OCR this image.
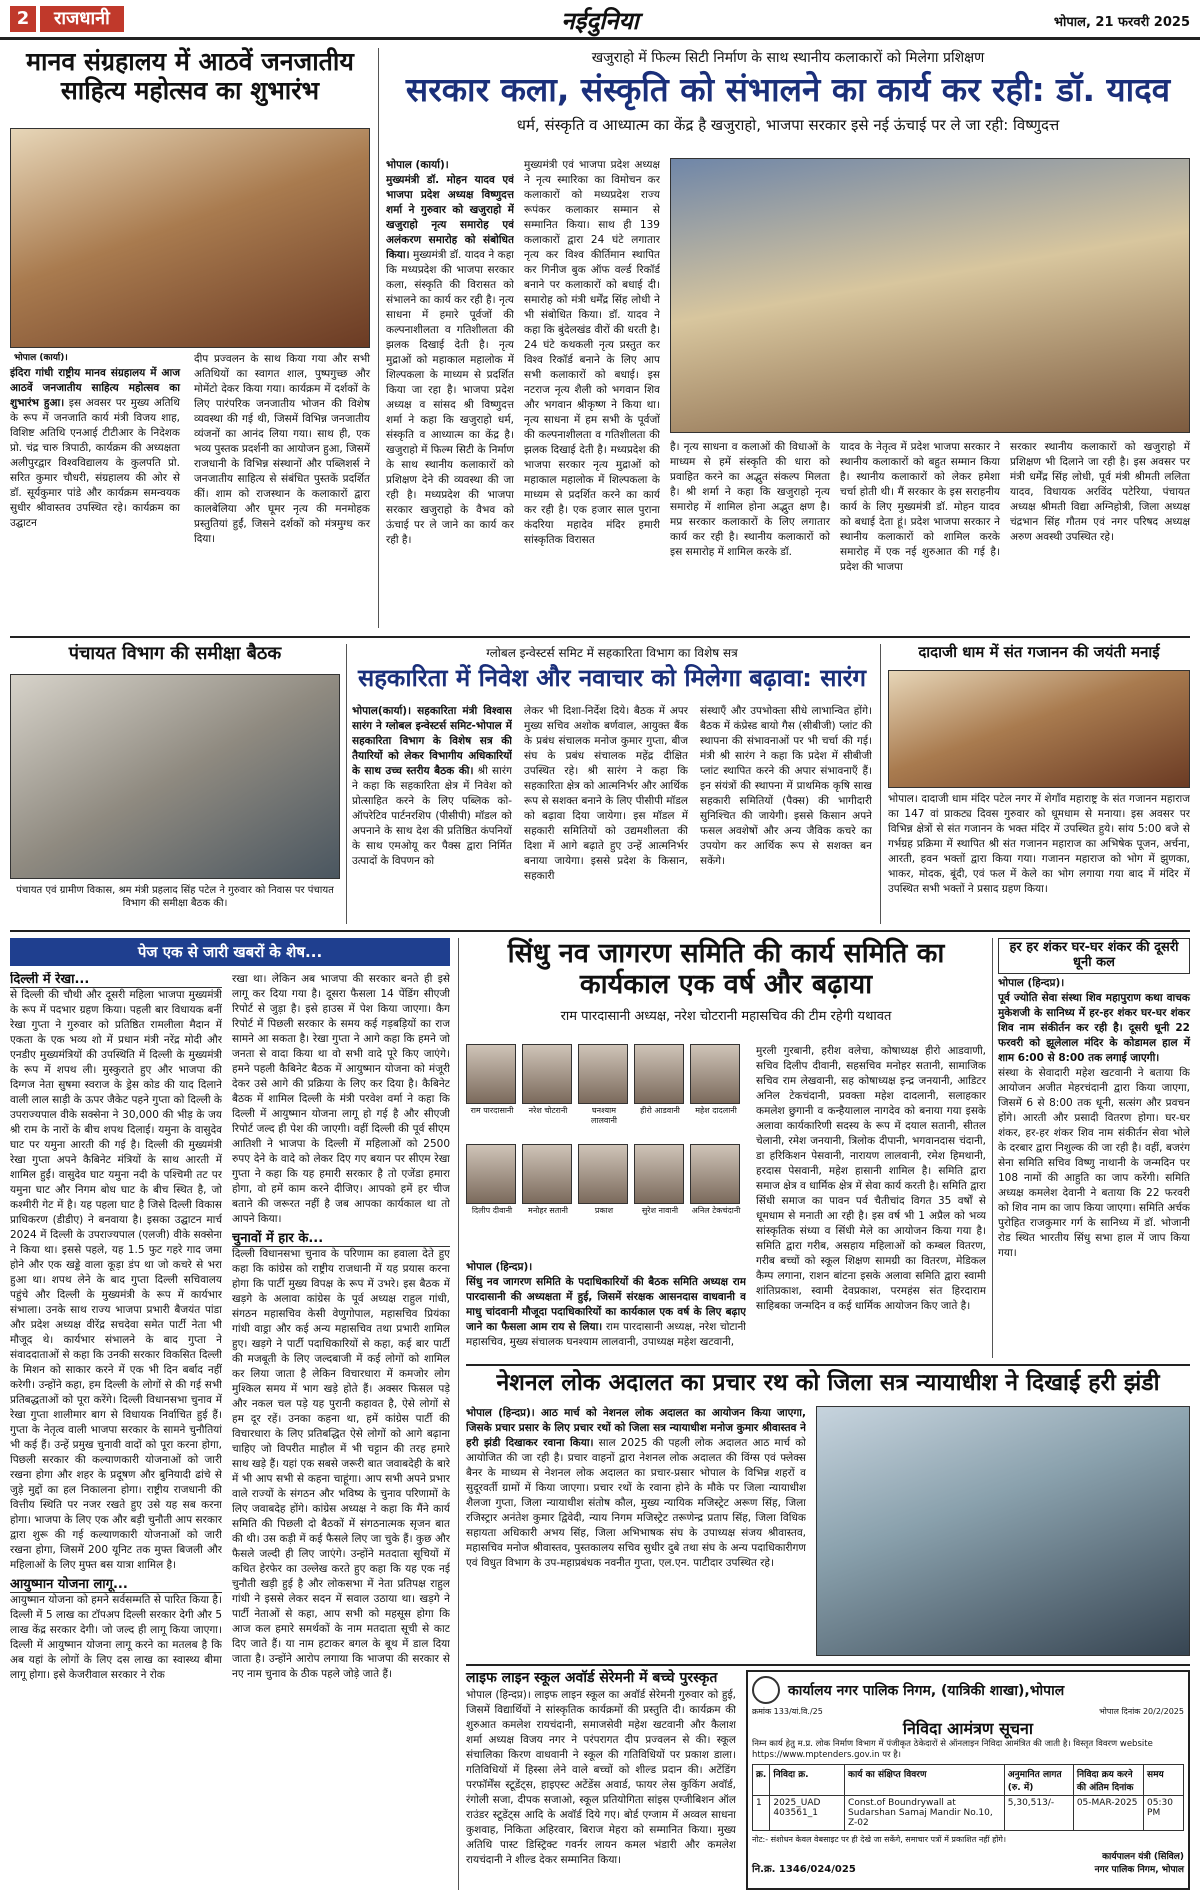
2	राजधानी	नईदुनिया	भोपाल, 21 फरवरी 2025
मानव संग्रहालय में आठवें जनजातीय साहित्य महोत्सव का शुभारंभ
भोपाल (कार्या)।
इंदिरा गांधी राष्ट्रीय मानव संग्रहालय में आज आठवें जनजातीय साहित्य महोत्सव का शुभारंभ हुआ। इस अवसर पर मुख्य अतिथि के रूप में जनजाति कार्य मंत्री विजय शाह, विशिष्ट अतिथि एनआई टीटीआर के निदेशक प्रो. चंद्र चारु त्रिपाठी, कार्यक्रम की अध्यक्षता अलीपुरद्वार विश्वविद्यालय के कुलपति प्रो. सरित कुमार चौधरी, संग्रहालय की ओर से डॉ. सूर्यकुमार पांडे और कार्यक्रम समन्वयक सुधीर श्रीवास्तव उपस्थित रहे। कार्यक्रम का उद्घाटन
दीप प्रज्वलन के साथ किया गया और सभी अतिथियों का स्वागत शाल, पुष्पगुच्छ और मोमेंटो देकर किया गया। कार्यक्रम में दर्शकों के लिए पारंपरिक जनजातीय भोजन की विशेष व्यवस्था की गई थी, जिसमें विभिन्न जनजातीय व्यंजनों का आनंद लिया गया। साथ ही, एक भव्य पुस्तक प्रदर्शनी का आयोजन हुआ, जिसमें राजधानी के विभिन्न संस्थानों और पब्लिशर्स ने जनजातीय साहित्य से संबंधित पुस्तकें प्रदर्शित कीं। शाम को राजस्थान के कलाकारों द्वारा कालबेलिया और घूमर नृत्य की मनमोहक प्रस्तुतियां हुईं, जिसने दर्शकों को मंत्रमुग्ध कर दिया।
खजुराहो में फिल्म सिटी निर्माण के साथ स्थानीय कलाकारों को मिलेगा प्रशिक्षण
सरकार कला, संस्कृति को संभालने का कार्य कर रही: डॉ. यादव
धर्म, संस्कृति व आध्यात्म का केंद्र है खजुराहो, भाजपा सरकार इसे नई ऊंचाई पर ले जा रही: विष्णुदत्त
भोपाल (कार्या)।
मुख्यमंत्री डॉ. मोहन यादव एवं भाजपा प्रदेश अध्यक्ष विष्णुदत्त शर्मा ने गुरुवार को खजुराहो में खजुराहो नृत्य समारोह एवं अलंकरण समारोह को संबोधित किया। मुख्यमंत्री डॉ. यादव ने कहा कि मध्यप्रदेश की भाजपा सरकार कला, संस्कृति की विरासत को संभालने का कार्य कर रही है। नृत्य साधना में हमारे पूर्वजों की कल्पनाशीलता व गतिशीलता की झलक दिखाई देती है। नृत्य मुद्राओं को महाकाल महालोक में शिल्पकला के माध्यम से प्रदर्शित किया जा रहा है। भाजपा प्रदेश अध्यक्ष व सांसद श्री विष्णुदत्त शर्मा ने कहा कि खजुराहो धर्म, संस्कृति व आध्यात्म का केंद्र है। खजुराहो में फिल्म सिटी के निर्माण के साथ स्थानीय कलाकारों को प्रशिक्षण देने की व्यवस्था की जा रही है। मध्यप्रदेश की भाजपा सरकार खजुराहो के वैभव को ऊंचाई पर ले जाने का कार्य कर रही है।
मुख्यमंत्री एवं भाजपा प्रदेश अध्यक्ष ने नृत्य स्मारिका का विमोचन कर कलाकारों को मध्यप्रदेश राज्य रूपंकर कलाकार सम्मान से सम्मानित किया। साथ ही 139 कलाकारों द्वारा 24 घंटे लगातार नृत्य कर विश्व कीर्तिमान स्थापित कर गिनीज बुक ऑफ वर्ल्ड रिकॉर्ड बनाने पर कलाकारों को बधाई दी। समारोह को मंत्री धर्मेंद्र सिंह लोधी ने भी संबोधित किया। डॉ. यादव ने कहा कि बुंदेलखंड वीरों की धरती है। 24 घंटे कथकली नृत्य प्रस्तुत कर विश्व रिकॉर्ड बनाने के लिए आप सभी कलाकारों को बधाई। इस नटराज नृत्य शैली को भगवान शिव और भगवान श्रीकृष्ण ने किया था। नृत्य साधना में हम सभी के पूर्वजों की कल्पनाशीलता व गतिशीलता की झलक दिखाई देती है। मध्यप्रदेश की भाजपा सरकार नृत्य मुद्राओं को महाकाल महालोक में शिल्पकला के माध्यम से प्रदर्शित करने का कार्य कर रही है। एक हजार साल पुराना कंदरिया महादेव मंदिर हमारी सांस्कृतिक विरासत
है। नृत्य साधना व कलाओं की विधाओं के माध्यम से हमें संस्कृति की धारा को प्रवाहित करने का अद्भुत संकल्प मिलता है। श्री शर्मा ने कहा कि खजुराहो नृत्य समारोह में शामिल होना अद्भुत क्षण है। मप्र सरकार कलाकारों के लिए लगातार कार्य कर रही है। स्थानीय कलाकारों को इस समारोह में शामिल करके डॉ.
यादव के नेतृत्व में प्रदेश भाजपा सरकार ने स्थानीय कलाकारों को बहुत सम्मान किया है। स्थानीय कलाकारों को लेकर हमेशा चर्चा होती थी। मैं सरकार के इस सराहनीय कार्य के लिए मुख्यमंत्री डॉ. मोहन यादव को बधाई देता हूं। प्रदेश भाजपा सरकार ने स्थानीय कलाकारों को शामिल करके समारोह में एक नई शुरुआत की गई है। प्रदेश की भाजपा
सरकार स्थानीय कलाकारों को खजुराहो में प्रशिक्षण भी दिलाने जा रही है। इस अवसर पर मंत्री धर्मेंद्र सिंह लोधी, पूर्व मंत्री श्रीमती ललिता यादव, विधायक अरविंद पटेरिया, पंचायत अध्यक्ष श्रीमती विद्या अग्निहोत्री, जिला अध्यक्ष चंद्रभान सिंह गौतम एवं नगर परिषद अध्यक्ष अरुण अवस्थी उपस्थित रहे।
पंचायत विभाग की समीक्षा बैठक
पंचायत एवं ग्रामीण विकास, श्रम मंत्री प्रहलाद सिंह पटेल ने गुरुवार को निवास पर पंचायत विभाग की समीक्षा बैठक की।
ग्लोबल इन्वेस्टर्स समिट में सहकारिता विभाग का विशेष सत्र
सहकारिता में निवेश और नवाचार को मिलेगा बढ़ावा: सारंग
भोपाल(कार्या)। सहकारिता मंत्री विश्वास सारंग ने ग्लोबल इन्वेस्टर्स समिट-भोपाल में सहकारिता विभाग के विशेष सत्र की तैयारियों को लेकर विभागीय अधिकारियों के साथ उच्च स्तरीय बैठक की। श्री सारंग ने कहा कि सहकारिता क्षेत्र में निवेश को प्रोत्साहित करने के लिए पब्लिक को-ऑपरेटिव पार्टनरशिप (पीसीपी) मॉडल को अपनाने के साथ देश की प्रतिष्ठित कंपनियों के साथ एमओयू कर पैक्स द्वारा निर्मित उत्पादों के विपणन को
लेकर भी दिशा-निर्देश दिये। बैठक में अपर मुख्य सचिव अशोक बर्णवाल, आयुक्त बैंक के प्रबंध संचालक मनोज कुमार गुप्ता, बीज संघ के प्रबंध संचालक महेंद्र दीक्षित उपस्थित रहे। श्री सारंग ने कहा कि सहकारिता क्षेत्र को आत्मनिर्भर और आर्थिक रूप से सशक्त बनाने के लिए पीसीपी मॉडल को बढ़ावा दिया जायेगा। इस मॉडल में सहकारी समितियों को उद्यमशीलता की दिशा में आगे बढ़ाते हुए उन्हें आत्मनिर्भर बनाया जायेगा। इससे प्रदेश के किसान, सहकारी
संस्थाएँ और उपभोक्ता सीधे लाभान्वित होंगे। बैठक में कंप्रेस्ड बायो गैस (सीबीजी) प्लांट की स्थापना की संभावनाओं पर भी चर्चा की गई। मंत्री श्री सारंग ने कहा कि प्रदेश में सीबीजी प्लांट स्थापित करने की अपार संभावनाएँ हैं। इन संयंत्रों की स्थापना में प्राथमिक कृषि साख सहकारी समितियों (पैक्स) की भागीदारी सुनिश्चित की जायेगी। इससे किसान अपने फसल अवशेषों और अन्य जैविक कचरे का उपयोग कर आर्थिक रूप से सशक्त बन सकेंगे।
दादाजी धाम में संत गजानन की जयंती मनाई
भोपाल। दादाजी धाम मंदिर पटेल नगर में शेगाँव महाराष्ट्र के संत गजानन महाराज का 147 वां प्राकट्य दिवस गुरुवार को धूमधाम से मनाया। इस अवसर पर विभिन्न क्षेत्रों से संत गजानन के भक्त मंदिर में उपस्थित हुये। सांय 5:00 बजे से गर्भग्रह प्रक्रिमा में स्थापित श्री संत गजानन महाराज का अभिषेक पूजन, अर्चना, आरती, हवन भक्तों द्वारा किया गया। गजानन महाराज को भोग में झुणका, भाकर, मोदक, बूंदी, एवं फल में केले का भोग लगाया गया बाद में मंदिर में उपस्थित सभी भक्तों ने प्रसाद ग्रहण किया।
पेज एक से जारी खबरों के शेष...
दिल्ली में रेखा...
से दिल्ली की चौथी और दूसरी महिला भाजपा मुख्यमंत्री के रूप में पदभार ग्रहण किया। पहली बार विधायक बनीं रेखा गुप्ता ने गुरुवार को प्रतिष्ठित रामलीला मैदान में एकता के एक भव्य शो में प्रधान मंत्री नरेंद्र मोदी और एनडीए मुख्यमंत्रियों की उपस्थिति में दिल्ली के मुख्यमंत्री के रूप में शपथ ली। मुस्कुराते हुए और भाजपा की दिग्गज नेता सुषमा स्वराज के ड्रेस कोड की याद दिलाने वाली लाल साड़ी के ऊपर जैकेट पहने गुप्ता को दिल्ली के उपराज्यपाल वीके सक्सेना ने 30,000 की भीड़ के जय श्री राम के नारों के बीच शपथ दिलाई। यमुना के वासुदेव घाट पर यमुना आरती की गई है। दिल्ली की मुख्यमंत्री रेखा गुप्ता अपने कैबिनेट मंत्रियों के साथ आरती में शामिल हुईं। वासुदेव घाट यमुना नदी के पश्चिमी तट पर यमुना घाट और निगम बोध घाट के बीच स्थित है, जो कश्मीरी गेट में है। यह पहला घाट है जिसे दिल्ली विकास प्राधिकरण (डीडीए) ने बनवाया है। इसका उद्घाटन मार्च 2024 में दिल्ली के उपराज्यपाल (एलजी) वीके सक्सेना ने किया था। इससे पहले, यह 1.5 फुट गहरे गाद जमा होने और एक खड्डे वाला कूड़ा डंप था जो कचरे से भरा हुआ था। शपथ लेने के बाद गुप्ता दिल्ली सचिवालय पहुंचे और दिल्ली के मुख्यमंत्री के रूप में कार्यभार संभाला। उनके साथ राज्य भाजपा प्रभारी बैजयंत पांडा और प्रदेश अध्यक्ष वीरेंद्र सचदेवा समेत पार्टी नेता भी मौजूद थे। कार्यभार संभालने के बाद गुप्ता ने संवाददाताओं से कहा कि उनकी सरकार विकसित दिल्ली के मिशन को साकार करने में एक भी दिन बर्बाद नहीं करेगी। उन्होंने कहा, हम दिल्ली के लोगों से की गई सभी प्रतिबद्धताओं को पूरा करेंगे। दिल्ली विधानसभा चुनाव में रेखा गुप्ता शालीमार बाग से विधायक निर्वाचित हुई हैं। गुप्ता के नेतृत्व वाली भाजपा सरकार के सामने चुनौतियां भी कई हैं। उन्हें प्रमुख चुनावी वादों को पूरा करना होगा, पिछली सरकार की कल्याणकारी योजनाओं को जारी रखना होगा और शहर के प्रदूषण और बुनियादी ढांचे से जुड़े मुद्दों का हल निकालना होगा। राष्ट्रीय राजधानी की वित्तीय स्थिति पर नजर रखते हुए उसे यह सब करना होगा। भाजपा के लिए एक और बड़ी चुनौती आप सरकार द्वारा शुरू की गई कल्याणकारी योजनाओं को जारी रखना होगा, जिसमें 200 यूनिट तक मुफ्त बिजली और महिलाओं के लिए मुफ्त बस यात्रा शामिल है।
आयुष्मान योजना लागू...
आयुष्मान योजना को हमने सर्वसम्मति से पारित किया है। दिल्ली में 5 लाख का टॉपअप दिल्ली सरकार देगी और 5 लाख केंद्र सरकार देगी। जो जल्द ही लागू किया जाएगा। दिल्ली में आयुष्मान योजना लागू करने का मतलब है कि अब यहां के लोगों के लिए दस लाख का स्वास्थ्य बीमा लागू होगा। इसे केजरीवाल सरकार ने रोक
रखा था। लेकिन अब भाजपा की सरकार बनते ही इसे लागू कर दिया गया है। दूसरा फैसला 14 पेंडिंग सीएजी रिपोर्ट से जुड़ा है। इसे हाउस में पेश किया जाएगा। कैग रिपोर्ट में पिछली सरकार के समय कई गड़बड़ियों का राज सामने आ सकता है। रेखा गुप्ता ने आगे कहा कि हमने जो जनता से वादा किया था वो सभी वादे पूरे किए जाएंगे। हमने पहली कैबिनेट बैठक में आयुष्मान योजना को मंजूरी देकर उसे आगे की प्रक्रिया के लिए कर दिया है। कैबिनेट बैठक में शामिल दिल्ली के मंत्री परवेश वर्मा ने कहा कि दिल्ली में आयुष्मान योजना लागू हो गई है और सीएजी रिपोर्ट जल्द ही पेश की जाएगी। वहीं दिल्ली की पूर्व सीएम आतिशी ने भाजपा के दिल्ली में महिलाओं को 2500 रुपए देने के वादे को लेकर दिए गए बयान पर सीएम रेखा गुप्ता ने कहा कि यह हमारी सरकार है तो एजेंडा हमारा होगा, वो हमें काम करने दीजिए। आपको हमें हर चीज बताने की जरूरत नहीं है जब आपका कार्यकाल था तो आपने किया।
चुनावों में हार के...
दिल्ली विधानसभा चुनाव के परिणाम का हवाला देते हुए कहा कि कांग्रेस को राष्ट्रीय राजधानी में यह प्रयास करना होगा कि पार्टी मुख्य विपक्ष के रूप में उभरे। इस बैठक में खड़गे के अलावा कांग्रेस के पूर्व अध्यक्ष राहुल गांधी, संगठन महासचिव केसी वेणुगोपाल, महासचिव प्रियंका गांधी वाड्रा और कई अन्य महासचिव तथा प्रभारी शामिल हुए। खड़गे ने पार्टी पदाधिकारियों से कहा, कई बार पार्टी की मजबूती के लिए जल्दबाजी में कई लोगों को शामिल कर लिया जाता है लेकिन विचारधारा में कमजोर लोग मुश्किल समय में भाग खड़े होते हैं। अक्सर फिसल पड़े और नकल चल पड़े यह पुरानी कहावत है, ऐसे लोगों से हम दूर रहें। उनका कहना था, हमें कांग्रेस पार्टी की विचारधारा के लिए प्रतिबद्धित ऐसे लोगों को आगे बढ़ाना चाहिए जो विपरीत माहौल में भी चट्टान की तरह हमारे साथ खड़े हैं। यहां एक सबसे जरूरी बात जवाबदेही के बारे में भी आप सभी से कहना चाहूंगा। आप सभी अपने प्रभार वाले राज्यों के संगठन और भविष्य के चुनाव परिणामों के लिए जवाबदेह होंगे। कांग्रेस अध्यक्ष ने कहा कि मैंने कार्य समिति की पिछली दो बैठकों में संगठनात्मक सृजन बात की थी। उस कड़ी में कई फैसले लिए जा चुके हैं। कुछ और फैसले जल्दी ही लिए जाएंगे। उन्होंने मतदाता सूचियों में कथित हेरफेर का उल्लेख करते हुए कहा कि यह एक नई चुनौती खड़ी हुई है और लोकसभा में नेता प्रतिपक्ष राहुल गांधी ने इससे लेकर सदन में सवाल उठाया था। खड़गे ने पार्टी नेताओं से कहा, आप सभी को महसूस होगा कि आज कल हमारे समर्थकों के नाम मतदाता सूची से काट दिए जाते हैं। या नाम हटाकर बगल के बूथ में डाल दिया जाता है। उन्होंने आरोप लगाया कि भाजपा की सरकार से नए नाम चुनाव के ठीक पहले जोड़े जाते हैं।
सिंधु नव जागरण समिति की कार्य समिति का कार्यकाल एक वर्ष और बढ़ाया
राम पारदासानी अध्यक्ष, नरेश चोटरानी महासचिव की टीम रहेगी यथावत
राम पारदासानी	नरेश चोटरानी	घनश्याम लालवानी
हीरो आडवानी	महेश दादलानी
दिलीप दीवानी	मनोहर सतानी	प्रकाश	सुरेश नावानी	अनिल टेकचंदानी
भोपाल (हिन्दप्र)।
सिंधु नव जागरण समिति के पदाधिकारियों की बैठक समिति अध्यक्ष राम पारदासानी की अध्यक्षता में हुई, जिसमें संरक्षक आसनदास वाधवानी व माधु चांदवानी मौजूदा पदाधिकारियों का कार्यकाल एक वर्ष के लिए बढ़ाए जाने का फैसला आम राय से लिया। राम पारदासानी अध्यक्ष, नरेश चोटानी महासचिव, मुख्य संचालक घनश्याम लालवानी, उपाध्यक्ष महेश खटवानी,
मुरली गुरबानी, हरीश वलेचा, कोषाध्यक्ष हीरो आडवाणी, सचिव दिलीप दीवानी, सहसचिव मनोहर सतानी, सामाजिक सचिव राम लेखवानी, सह कोषाध्यक्ष इन्द्र जनयानी, आडिटर अनिल टेकचंदानी, प्रवक्ता महेश दादलानी, सलाहकार कमलेश छुगानी व कन्हैयालाल नागदेव को बनाया गया इसके अलावा कार्यकारिणी सदस्य के रूप में दयाल सतानी, सीतल चेलानी, रमेश जनयानी, त्रिलोक दीपानी, भगवानदास चंदानी, डा हरिकिशन पेसवानी, नारायण लालवानी, रमेश हिमथानी, हरदास पेसवानी, महेश हासानी शामिल है। समिति द्वारा समाज क्षेत्र व धार्मिक क्षेत्र में सेवा कार्य करती है। समिति द्वारा सिंधी समाज का पावन पर्व चैतीचांद विगत 35 वर्षों से धूमधाम से मनाती आ रही है। इस वर्ष भी 1 अप्रैल को भव्य सांस्कृतिक संध्या व सिंधी मेले का आयोजन किया गया है। समिति द्वारा गरीब, असहाय महिलाओं को कम्बल वितरण, गरीब बच्चों को स्कूल शिक्षण सामग्री का वितरण, मेडिकल कैम्प लगाना, राशन बांटना इसके अलावा समिति द्वारा स्वामी शांतिप्रकाश, स्वामी देवप्रकाश, परमहंस संत हिरदाराम साहिबका जन्मदिन व कई धार्मिक आयोजन किए जाते है।
हर हर शंकर घर-घर शंकर की दूसरी धूनी कल
भोपाल (हिन्दप्र)।
पूर्व ज्योति सेवा संस्था शिव महापुराण कथा वाचक मुकेशजी के सानिध्य में हर-हर शंकर घर-घर शंकर शिव नाम संकीर्तन कर रही है। दूसरी धूनी 22 फरवरी को झूलेलाल मंदिर के कोडामल हाल में शाम 6:00 से 8:00 तक लगाई जाएगी।
संस्था के सेवादारी महेश खटवानी ने बताया कि आयोजन अजीत मेहरचंदानी द्वारा किया जाएगा, जिसमें 6 से 8:00 तक धूनी, सत्संग और प्रवचन होंगे। आरती और प्रसादी वितरण होगा। घर-घर शंकर, हर-हर शंकर शिव नाम संकीर्तन सेवा भोले के दरबार द्वारा निशुल्क की जा रही है। वहीं, बजरंग सेना समिति सचिव विष्णु नाथानी के जन्मदिन पर 108 नामों की आहुति का जाप करेंगी। समिति अध्यक्ष कमलेश देवानी ने बताया कि 22 फरवरी को शिव नाम का जाप किया जाएगा। समिति अर्चक पुरोहित राजकुमार गर्ग के सानिध्य में डॉ. भोजानी रोड स्थित भारतीय सिंधु सभा हाल में जाप किया गया।
नेशनल लोक अदालत का प्रचार रथ को जिला सत्र न्यायाधीश ने दिखाई हरी झंडी
भोपाल (हिन्दप्र)। आठ मार्च को नेशनल लोक अदालत का आयोजन किया जाएगा, जिसके प्रचार प्रसार के लिए प्रचार रथों को जिला सत्र न्यायाधीश मनोज कुमार श्रीवास्तव ने हरी झंडी दिखाकर रवाना किया। साल 2025 की पहली लोक अदालत आठ मार्च को आयोजित की जा रही है। प्रचार वाहनों द्वारा नेशनल लोक अदालत की विंग्स एवं फ्लेक्स बैनर के माध्यम से नेशनल लोक अदालत का प्रचार-प्रसार भोपाल के विभिन्न शहरों व सुदूरवर्ती ग्रामों में किया जाएगा। प्रचार रथों के रवाना होने के मौके पर जिला न्यायाधीश शैलजा गुप्ता, जिला न्यायाधीश संतोष कौल, मुख्य न्यायिक मजिस्ट्रेट अरूण सिंह, जिला रजिस्ट्रार अनंतेश कुमार द्विवेदी, न्याय निगम मजिस्ट्रेट तरूणेन्द्र प्रताप सिंह, जिला विधिक सहायता अधिकारी अभय सिंह, जिला अभिभाषक संघ के उपाध्यक्ष संजय श्रीवास्तव, महासचिव मनोज श्रीवास्तव, पुस्तकालय सचिव सुधीर दुबे तथा संघ के अन्य पदाधिकारीगण एवं विधुत विभाग के उप-महाप्रबंधक नवनीत गुप्ता, एल.एन. पाटीदार उपस्थित रहे।
लाइफ लाइन स्कूल अवॉर्ड सेरेमनी में बच्चे पुरस्कृत
भोपाल (हिन्दप्र)। लाइफ लाइन स्कूल का अवॉर्ड सेरेमनी गुरुवार को हुई, जिसमें विद्यार्थियों ने सांस्कृतिक कार्यक्रमों की प्रस्तुति दी। कार्यक्रम की शुरुआत कमलेश रायचंदानी, समाजसेवी महेश खटवानी और कैलाश शर्मा अध्यक्ष विजय नगर ने परंपरागत दीप प्रज्वलन से की। स्कूल संचालिका किरण वाधवानी ने स्कूल की गतिविधियों पर प्रकाश डाला। गतिविधियों में हिस्सा लेने वाले बच्चों को शील्ड प्रदान की। अटेंडिंग परफॉर्मेंस स्टूडेंट्स, हाइएस्ट अटेंडेंस अवार्ड, फायर लेस कुकिंग अवॉर्ड, रंगोली सजा, दीपक सजाओ, स्कूल प्रतियोगिता सांइस एग्जीबिशन ऑल राउंडर स्टूडेंट्स आदि के अवॉर्ड दिये गए। बोर्ड एग्जाम में अव्वल साधना कुशवाह, निकिता अहिरवार, बिराज मेहरा को सम्मानित किया। मुख्य अतिथि पास्ट डिस्ट्रिक्ट गवर्नर लायन कमल भंडारी और कमलेश रायचंदानी ने शील्ड देकर सम्मानित किया।
कार्यालय नगर पालिक निगम, (यात्रिकी शाखा),भोपाल
क्रमांक 133/यां.वि./25	भोपाल दिनांक 20/2/2025
निविदा आमंत्रण सूचना
निम्न कार्य हेतु म.प्र. लोक निर्माण विभाग में पंजीकृत ठेकेदारों से ऑनलाइन निविदा आमंत्रित की जाती है। विस्तृत विवरण website https://www.mptenders.gov.in पर है।
क्र.	निविदा क्र.	कार्य का संक्षिप्त विवरण	अनुमानित लागत (रु. में)	निविदा क्रय करने की अंतिम दिनांक	समय
1	2025_UAD 403561_1	Const.of Boundrywall at Sudarshan Samaj Mandir No.10, Z-02	5,30,513/-	05-MAR-2025	05:30 PM
नोट:- संशोधन केवल वेबसाइट पर ही देखे जा सकेंगे, समाचार पत्रों में प्रकाशित नहीं होंगे।
नि.क्र. 1346/024/025
कार्यपालन यंत्री (सिविल)
नगर पालिक निगम, भोपाल
